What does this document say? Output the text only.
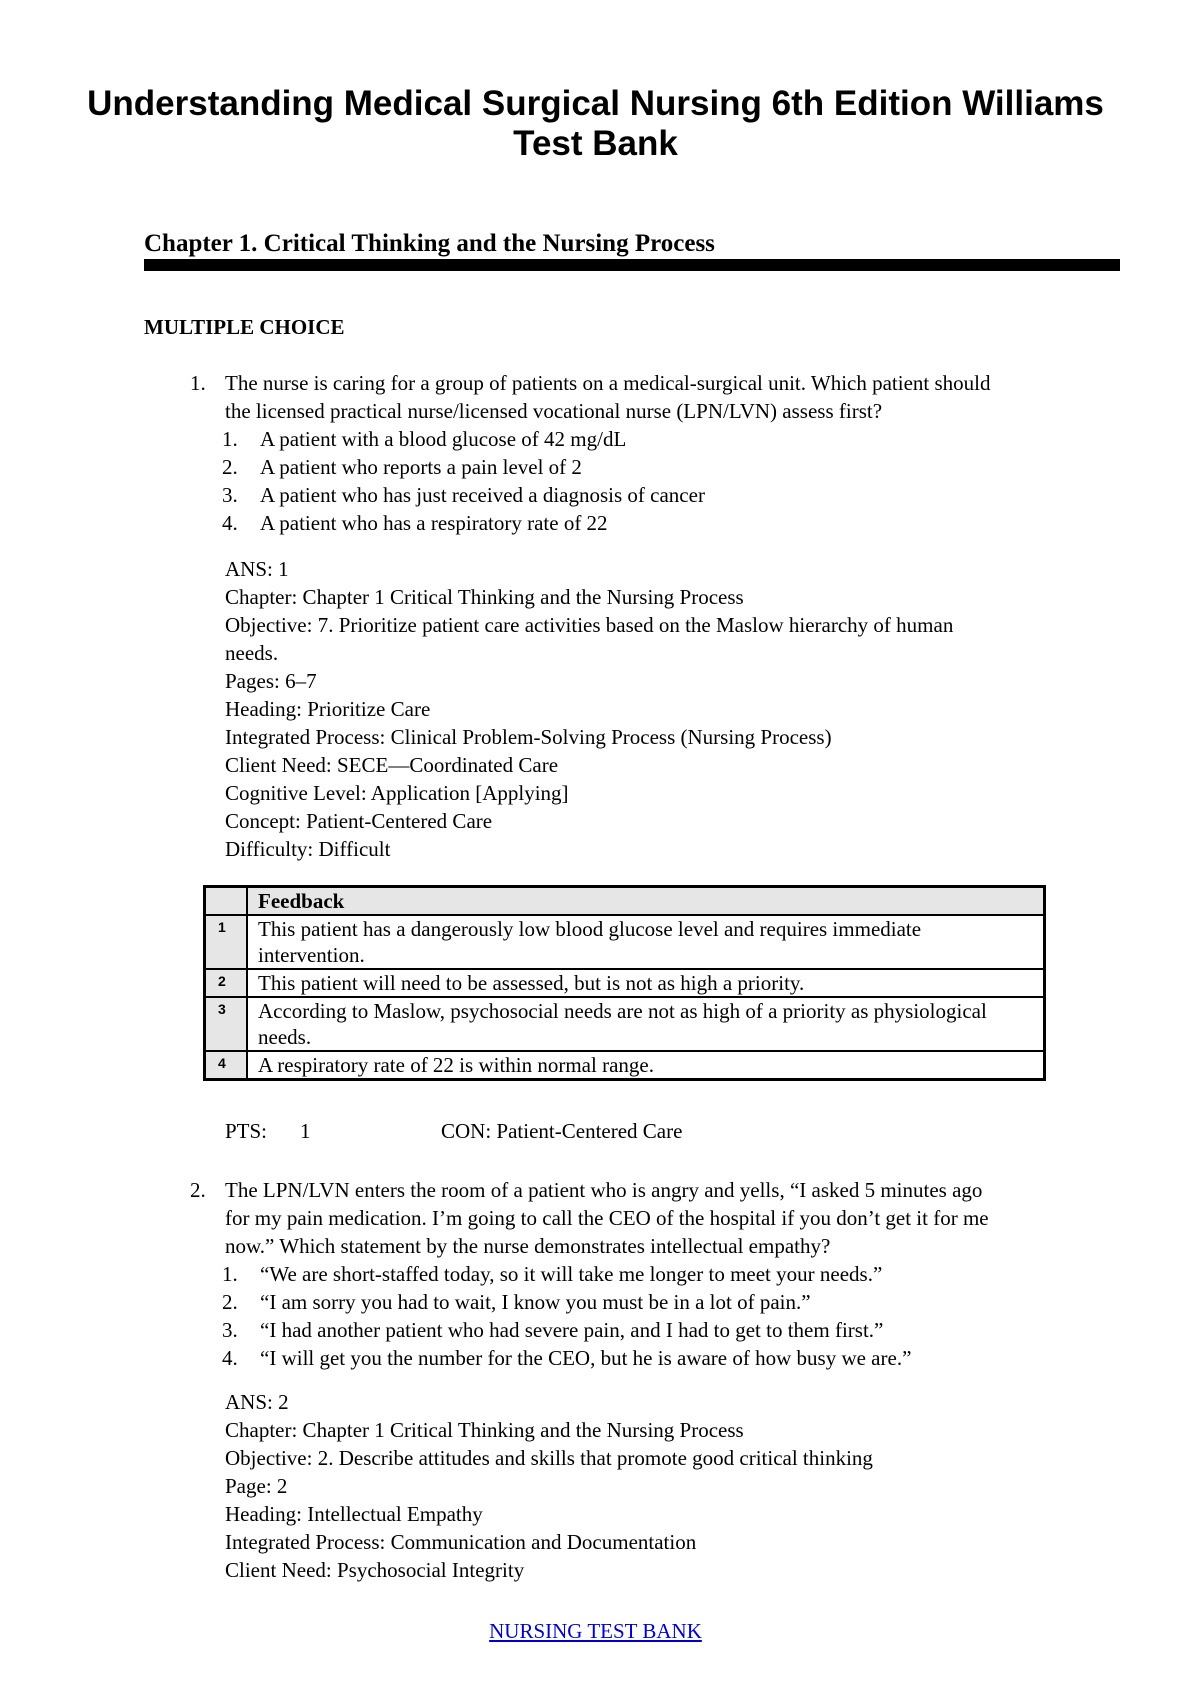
Understanding Medical Surgical Nursing 6th Edition Williams
Test Bank
Chapter 1. Critical Thinking and the Nursing Process
MULTIPLE CHOICE
1. The nurse is caring for a group of patients on a medical-surgical unit. Which patient should
the licensed practical nurse/licensed vocational nurse (LPN/LVN) assess first?
1. A patient with a blood glucose of 42 mg/dL
2. A patient who reports a pain level of 2
3. A patient who has just received a diagnosis of cancer
4. A patient who has a respiratory rate of 22
ANS: 1
Chapter: Chapter 1 Critical Thinking and the Nursing Process
Objective: 7. Prioritize patient care activities based on the Maslow hierarchy of human
needs.
Pages: 6–7
Heading: Prioritize Care
Integrated Process: Clinical Problem-Solving Process (Nursing Process)
Client Need: SECE—Coordinated Care
Cognitive Level: Application [Applying]
Concept: Patient-Centered Care
Difficulty: Difficult
	Feedback
1	This patient has a dangerously low blood glucose level and requires immediate intervention.
2	This patient will need to be assessed, but is not as high a priority.
3	According to Maslow, psychosocial needs are not as high of a priority as physiological needs.
4	A respiratory rate of 22 is within normal range.
PTS: 1	CON: Patient-Centered Care
2. The LPN/LVN enters the room of a patient who is angry and yells, “I asked 5 minutes ago
for my pain medication. I’m going to call the CEO of the hospital if you don’t get it for me
now.” Which statement by the nurse demonstrates intellectual empathy?
1. “We are short-staffed today, so it will take me longer to meet your needs.”
2. “I am sorry you had to wait, I know you must be in a lot of pain.”
3. “I had another patient who had severe pain, and I had to get to them first.”
4. “I will get you the number for the CEO, but he is aware of how busy we are.”
ANS: 2
Chapter: Chapter 1 Critical Thinking and the Nursing Process
Objective: 2. Describe attitudes and skills that promote good critical thinking
Page: 2
Heading: Intellectual Empathy
Integrated Process: Communication and Documentation
Client Need: Psychosocial Integrity
NURSING TEST BANK
